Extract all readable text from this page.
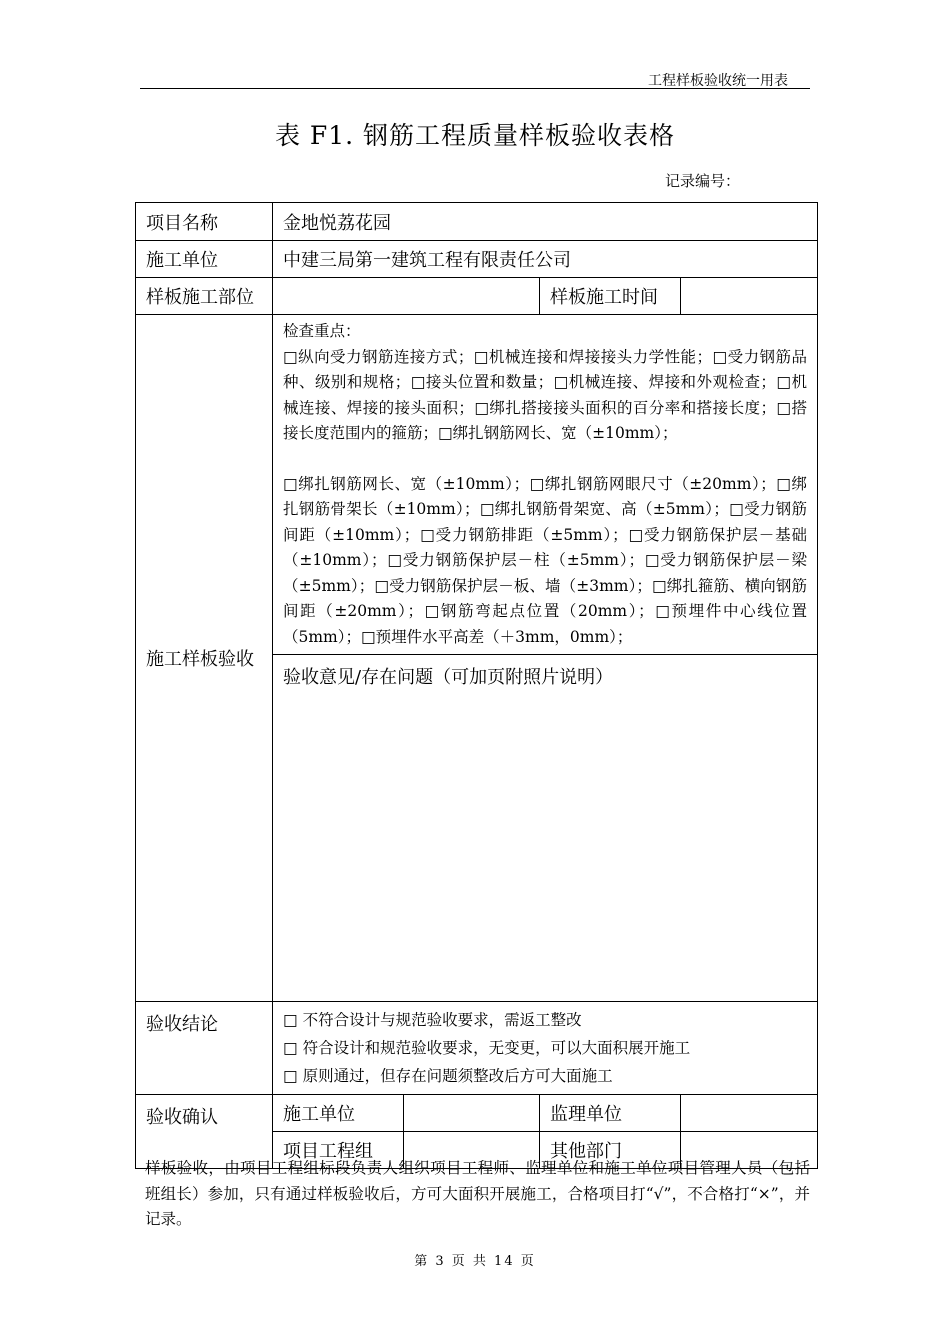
工程样板验收统一用表
表 F1. 钢筋工程质量样板验收表格
记录编号：
项目名称	金地悦荔花园			
施工单位	中建三局第一建筑工程有限责任公司			
样板施工部位			样板施工时间	
施工样板验收	检查重点：
□纵向受力钢筋连接方式；□机械连接和焊接接头力学性能；□受力钢筋品种、级别和规格；□接头位置和数量；□机械连接、焊接和外观检查；□机械连接、焊接的接头面积；□绑扎搭接接头面积的百分率和搭接长度；□搭接长度范围内的箍筋；□绑扎钢筋网长、宽（±10mm）；
□绑扎钢筋网长、宽（±10mm）；□绑扎钢筋网眼尺寸（±20mm）；□绑扎钢筋骨架长（±10mm）；□绑扎钢筋骨架宽、高（±5mm）；□受力钢筋间距（±10mm）；□受力钢筋排距（±5mm）；□受力钢筋保护层－基础（±10mm）；□受力钢筋保护层－柱（±5mm）；□受力钢筋保护层－梁（±5mm）；□受力钢筋保护层－板、墙（±3mm）；□绑扎箍筋、横向钢筋间距（±20mm）；□钢筋弯起点位置（20mm）；□预埋件中心线位置（5mm）；□预埋件水平高差（＋3mm，0mm）；			

	验收意见/存在问题（可加页附照片说明）			
验收结论	□ 不符合设计与规范验收要求，需返工整改
□ 符合设计和规范验收要求，无变更，可以大面积展开施工
□ 原则通过，但存在问题须整改后方可大面施工			

验收确认	施工单位		监理单位	
	项目工程组		其他部门	
样板验收，由项目工程组标段负责人组织项目工程师、监理单位和施工单位项目管理人员（包括班组长）参加，只有通过样板验收后，方可大面积开展施工，合格项目打“√”，不合格打“×”，并记录。
第 3 页 共 14 页
